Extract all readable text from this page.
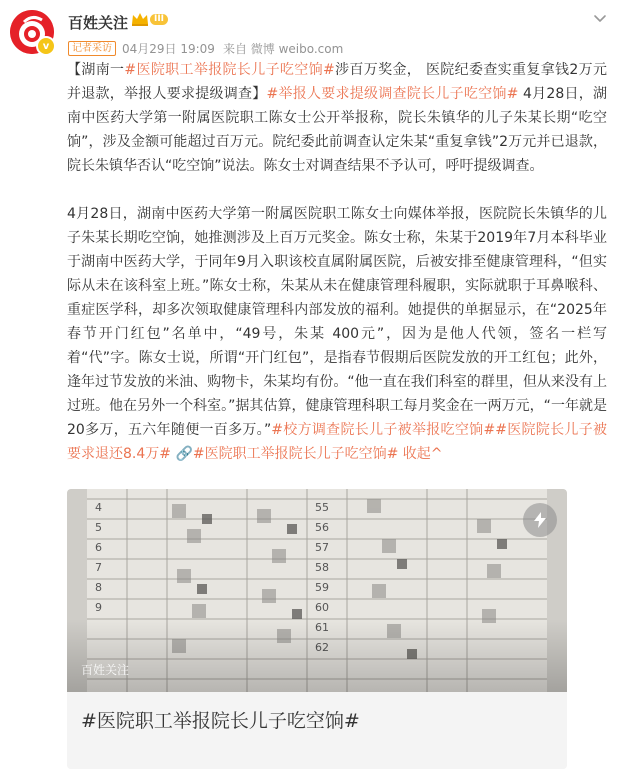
v
百姓关注	III
记者采访 04月29日 19:09 来自 微博 weibo.com

【湖南一#医院职工举报院长儿子吃空饷#涉百万奖金， 医院纪委查实重复拿钱2万元并退款，举报人要求提级调查】#举报人要求提级调查院长儿子吃空饷# 4月28日，湖南中医药大学第一附属医院职工陈女士公开举报称，院长朱镇华的儿子朱某长期“吃空饷”，涉及金额可能超过百万元。院纪委此前调查认定朱某“重复拿钱”2万元并已退款，院长朱镇华否认“吃空饷”说法。陈女士对调查结果不予认可，呼吁提级调查。

4月28日，湖南中医药大学第一附属医院职工陈女士向媒体举报，医院院长朱镇华的儿子朱某长期吃空饷，她推测涉及上百万元奖金。陈女士称，朱某于2019年7月本科毕业于湖南中医药大学，于同年9月入职该校直属附属医院，后被安排至健康管理科，“但实际从未在该科室上班。”陈女士称，朱某从未在健康管理科履职，实际就职于耳鼻喉科、重症医学科，却多次领取健康管理科内部发放的福利。她提供的单据显示，在“2025年春节开门红包”名单中，“49号，朱某 400元”，因为是他人代领，签名一栏写着“代”字。陈女士说，所谓“开门红包”，是指春节假期后医院发放的开工红包；此外，逢年过节发放的米油、购物卡，朱某均有份。“他一直在我们科室的群里，但从来没有上过班。他在另外一个科室。”据其估算，健康管理科职工每月奖金在一两万元，“一年就是20多万，五六年随便一百多万。”#校方调查院长儿子被举报吃空饷##医院院长儿子被要求退还8.4万# 🔗#医院职工举报院长儿子吃空饷# 收起^

55
56
57
58
59
60
61
62
4
5
6
7
8
9
百姓关注
#医院职工举报院长儿子吃空饷#
